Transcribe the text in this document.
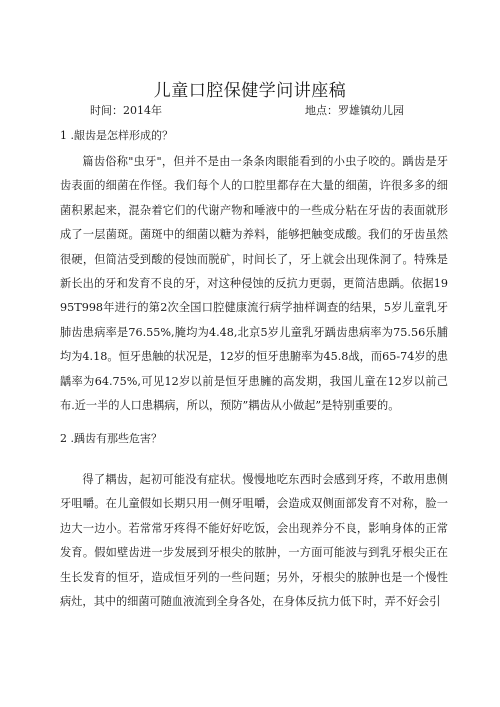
儿童口腔保健学问讲座稿
时间：2014年	地点：罗雄镇幼儿园
1 .龈齿是怎样形成的？

篇齿俗称"虫牙"，但并不是由一条条肉眼能看到的小虫子咬的。踽齿是牙齿表面的细菌在作怪。我们每个人的口腔里都存在大量的细菌，许很多多的细菌积累起来，混杂着它们的代谢产物和唾液中的一些成分粘在牙齿的表面就形成了一层菌斑。菌斑中的细菌以糖为养料，能够把触变成酸。我们的牙齿虽然很硬，但简洁受到酸的侵蚀而脱矿，时间长了，牙上就会出现侏洞了。特殊是新长出的牙和发育不良的牙，对这种侵蚀的反抗力更弱，更简洁患踽。依据1995T998年进行的第2次全国口腔健康流行病学抽样调查的结果，5岁儿童乳牙肺齿患病率是76.55%,腌均为4.48,北京5岁儿童乳牙踽齿患病率为75.56乐脯均为4.18。恒牙患触的状况是，12岁的恒牙患腑率为45.8战，而65-74岁的患龋率为64.75%,可见12岁以前是恒牙患臃的高发期，我国儿童在12岁以前己布.近一半的人口患耦病，所以，预防”耦齿从小做起”是特别重要的。

2 .踽齿有那些危害？

得了耦齿，起初可能没有症状。慢慢地吃东西时会感到牙疼，不敢用患侧牙咀嚼。在儿童假如长期只用一侧牙咀嚼，会造成双侧面部发育不对称，脸一边大一边小。若常常牙疼得不能好好吃饭，会出现养分不良，影响身体的正常发育。假如壁齿进一步发展到牙根尖的脓肿，一方面可能波与到乳牙根尖正在生长发育的恒牙，造成恒牙列的一些问题；另外，牙根尖的脓肿也是一个慢性病灶，其中的细菌可随血液流到全身各处，在身体反抗力低下时，弄不好会引
